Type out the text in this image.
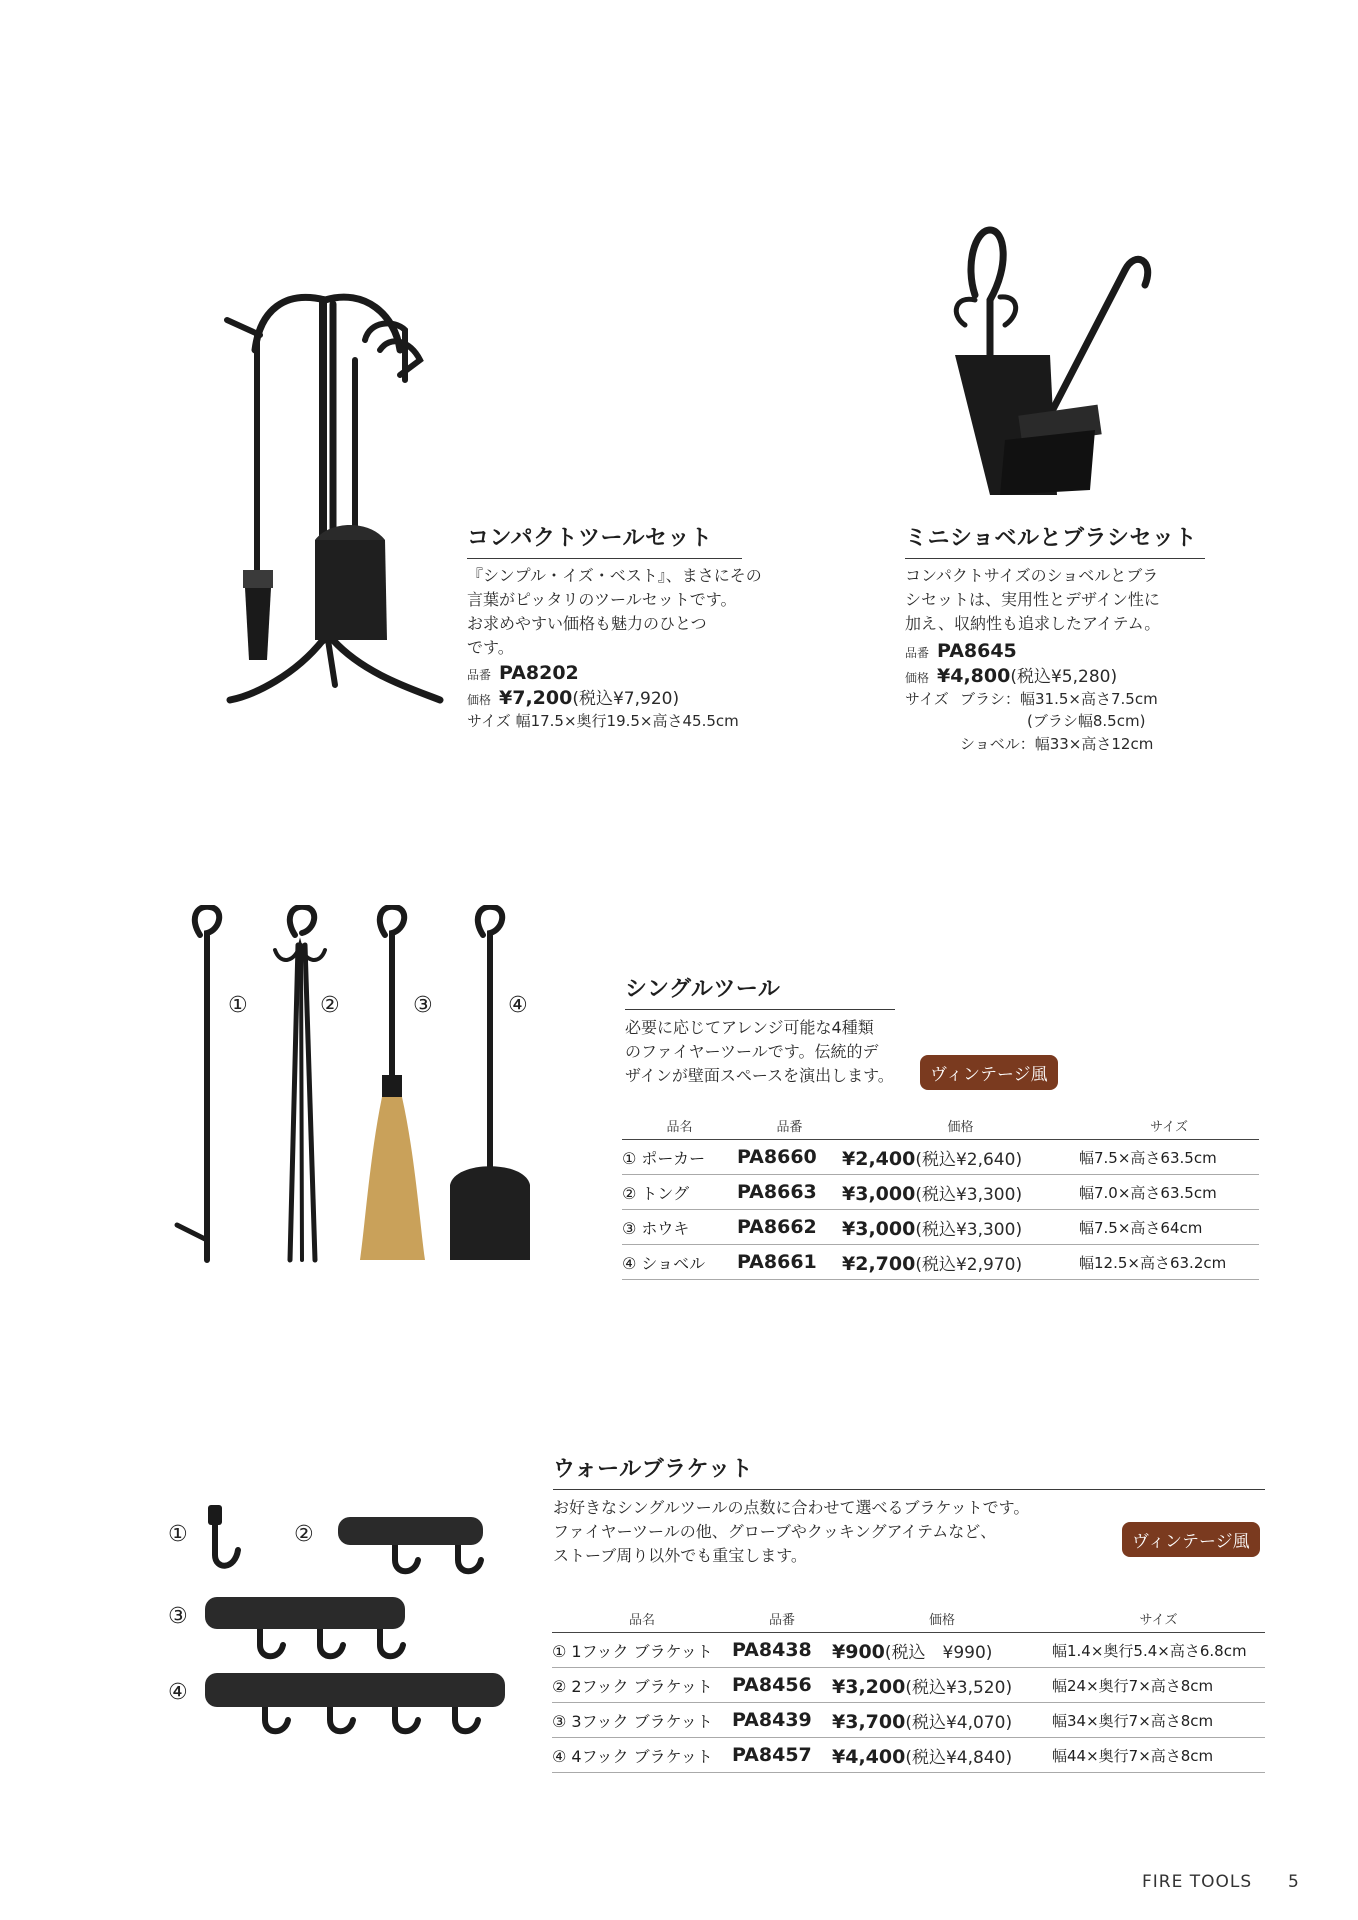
コンパクトツールセット
『シンプル・イズ・ベスト』、まさにその
言葉がピッタリのツールセットです。
お求めやすい価格も魅力のひとつ
です。
品番 PA8202
価格 ¥7,200(税込¥7,920)
サイズ 幅17.5×奥行19.5×高さ45.5cm
ミニショベルとブラシセット
コンパクトサイズのショベルとブラ
シセットは、実用性とデザイン性に
加え、収納性も追求したアイテム。
品番 PA8645
価格 ¥4,800(税込¥5,280)
サイズ ブラシ：幅31.5×高さ7.5cm
(ブラシ幅8.5cm)
ショベル：幅33×高さ12cm
①	②	③	④
シングルツール
必要に応じてアレンジ可能な4種類
のファイヤーツールです。伝統的デ
ザインが壁面スペースを演出します。	ヴィンテージ風
品名	品番	価格	サイズ
① ポーカー	PA8660	¥2,400(税込¥2,640)	幅7.5×高さ63.5cm
② トング	PA8663	¥3,000(税込¥3,300)	幅7.0×高さ63.5cm
③ ホウキ	PA8662	¥3,000(税込¥3,300)	幅7.5×高さ64cm
④ ショベル	PA8661	¥2,700(税込¥2,970)	幅12.5×高さ63.2cm
①	②
③
④
ウォールブラケット
お好きなシングルツールの点数に合わせて選べるブラケットです。
ファイヤーツールの他、グローブやクッキングアイテムなど、
ストーブ周り以外でも重宝します。
ヴィンテージ風
品名	品番	価格	サイズ
① 1フック ブラケット	PA8438	¥900(税込　¥990)	幅1.4×奥行5.4×高さ6.8cm
② 2フック ブラケット	PA8456	¥3,200(税込¥3,520)	幅24×奥行7×高さ8cm
③ 3フック ブラケット	PA8439	¥3,700(税込¥4,070)	幅34×奥行7×高さ8cm
④ 4フック ブラケット	PA8457	¥4,400(税込¥4,840)	幅44×奥行7×高さ8cm
FIRE TOOLS 5
